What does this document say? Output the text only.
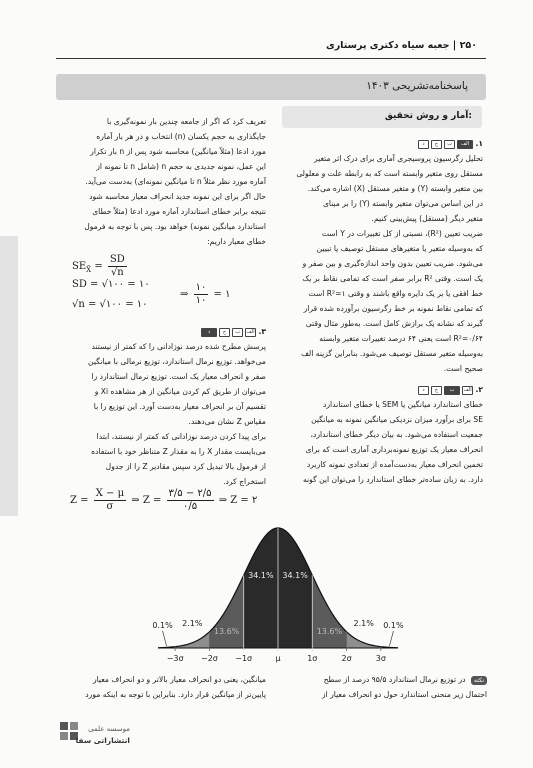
۲۵۰ | جعبه سیاه دکتری پرستاری
پاسخنامه‌تشریحی ۱۴۰۳
آمار و روش تحقیق:
۱.
الف
ب
ج
د
تحلیل رگرسیون پروسیجری آماری برای درک اثر متغیر
مستقل روی متغیر وابسته است که به رابطه علت و معلولی
بین متغیر وابسته (Y) و متغیر مستقل (X) اشاره می‌کند.
در این اساس می‌توان متغیر وابسته (Y) را بر مبنای
متغیر دیگر (مستقل) پیش‌بینی کنیم.
ضریب تعیین (R²)، نسبتی از کل تغییرات در Y است
که به‌وسیله متغیر یا متغیرهای مستقل توصیف یا تبیین
می‌شود. ضریب تعیین بدون واحد اندازه‌گیری و بین صفر و
یک است. وقتی R² برابر صفر است که تمامی نقاط بر یک
خط افقی یا بر یک دایره واقع باشند و وقتی R²=۱ است
که تمامی نقاط نمونه بر خط رگرسیون برآورده شده قرار
گیرند که نشانه یک برازش کامل است. به‌طور مثال وقتی
R²=۰/۶۴ است یعنی ۶۴ درصد تغییرات متغیر وابسته
به‌وسیله متغیر مستقل توصیف می‌شود. بنابراین گزینه الف
صحیح است.
۲.
الف
ب
ج
د
خطای استاندارد میانگین یا SEM یا خطای استاندارد
SE برای برآورد میزان نزدیکی میانگین نمونه به میانگین
جمعیت استفاده می‌شود. به بیان دیگر خطای استاندارد،
انحراف معیار یک توزیع نمونه‌برداری آماری است که برای
تخمین انحراف معیار به‌دست‌آمده از تعدادی نمونه کاربرد
دارد. به زبان ساده‌تر خطای استاندارد را می‌توان این گونه
تعریف کرد که اگر از جامعه چندین بار نمونه‌گیری با
جایگذاری به حجم یکسان (n) انتخاب و در هر بار آماره
مورد ادعا (مثلاً میانگین) محاسبه شود پس از n بار تکرار
این عمل، نمونه جدیدی به حجم n (شامل n تا نمونه از
آماره مورد نظر مثلاً n تا میانگین نمونه‌ای) به‌دست می‌آید.
حال اگر برای این نمونه جدید انحراف معیار محاسبه شود
نتیجه برابر خطای استاندارد آماره مورد ادعا (مثلاً خطای
استاندارد میانگین نمونه) خواهد بود. پس با توجه به فرمول
خطای معیار داریم:
$SE_{X̄} = \frac{SD}{√n}$
SD = √۱۰۰ = ۱۰
√n = √۱۰۰ = ۱۰
⇒ $\frac{۱۰}{۱۰}$ = ۱
۳.
الف
ب
ج
د
پرسش مطرح شده درصد نوزادانی را که کمتر از نیستند
می‌خواهد. توزیع نرمال استاندارد، توزیع نرمالی با میانگین
صفر و انحراف معیار یک است. توزیع نرمال استاندارد را
می‌توان از طریق کم کردن میانگین از هر مشاهده Xi و
تقسیم آن بر انحراف معیار به‌دست آورد. این توزیع را با
مقیاس Z نشان می‌دهند.
برای پیدا کردن درصد نوزادانی که کمتر از نیستند، ابتدا
می‌بایست مقدار X را به مقدار Z متناظر خود با استفاده
از فرمول بالا تبدیل کرد سپس مقادیر Z را از جدول
استخراج کرد.
$Z = \frac{X - \mu}{\sigma}$ ⇒ $Z = \frac{۳/۵ - ۲/۵}{۰/۵}$ ⇒ Z = ۲
−3σ −2σ −1σ	μ	1σ	2σ	3σ
2.1%
13.6%
34.1% 34.1%
13.6%
2.1%
0.1%	0.1%
نکته در توزیع نرمال استاندارد ۹۵/۵ درصد از سطح
احتمال زیر منحنی استاندارد حول دو انحراف معیار از
میانگین، یعنی دو انحراف معیار بالاتر و دو انحراف معیار
پایین‌تر از میانگین قرار دارد. بنابراین با توجه به اینکه مورد
موسسه علمی
انتشاراتی سفا
